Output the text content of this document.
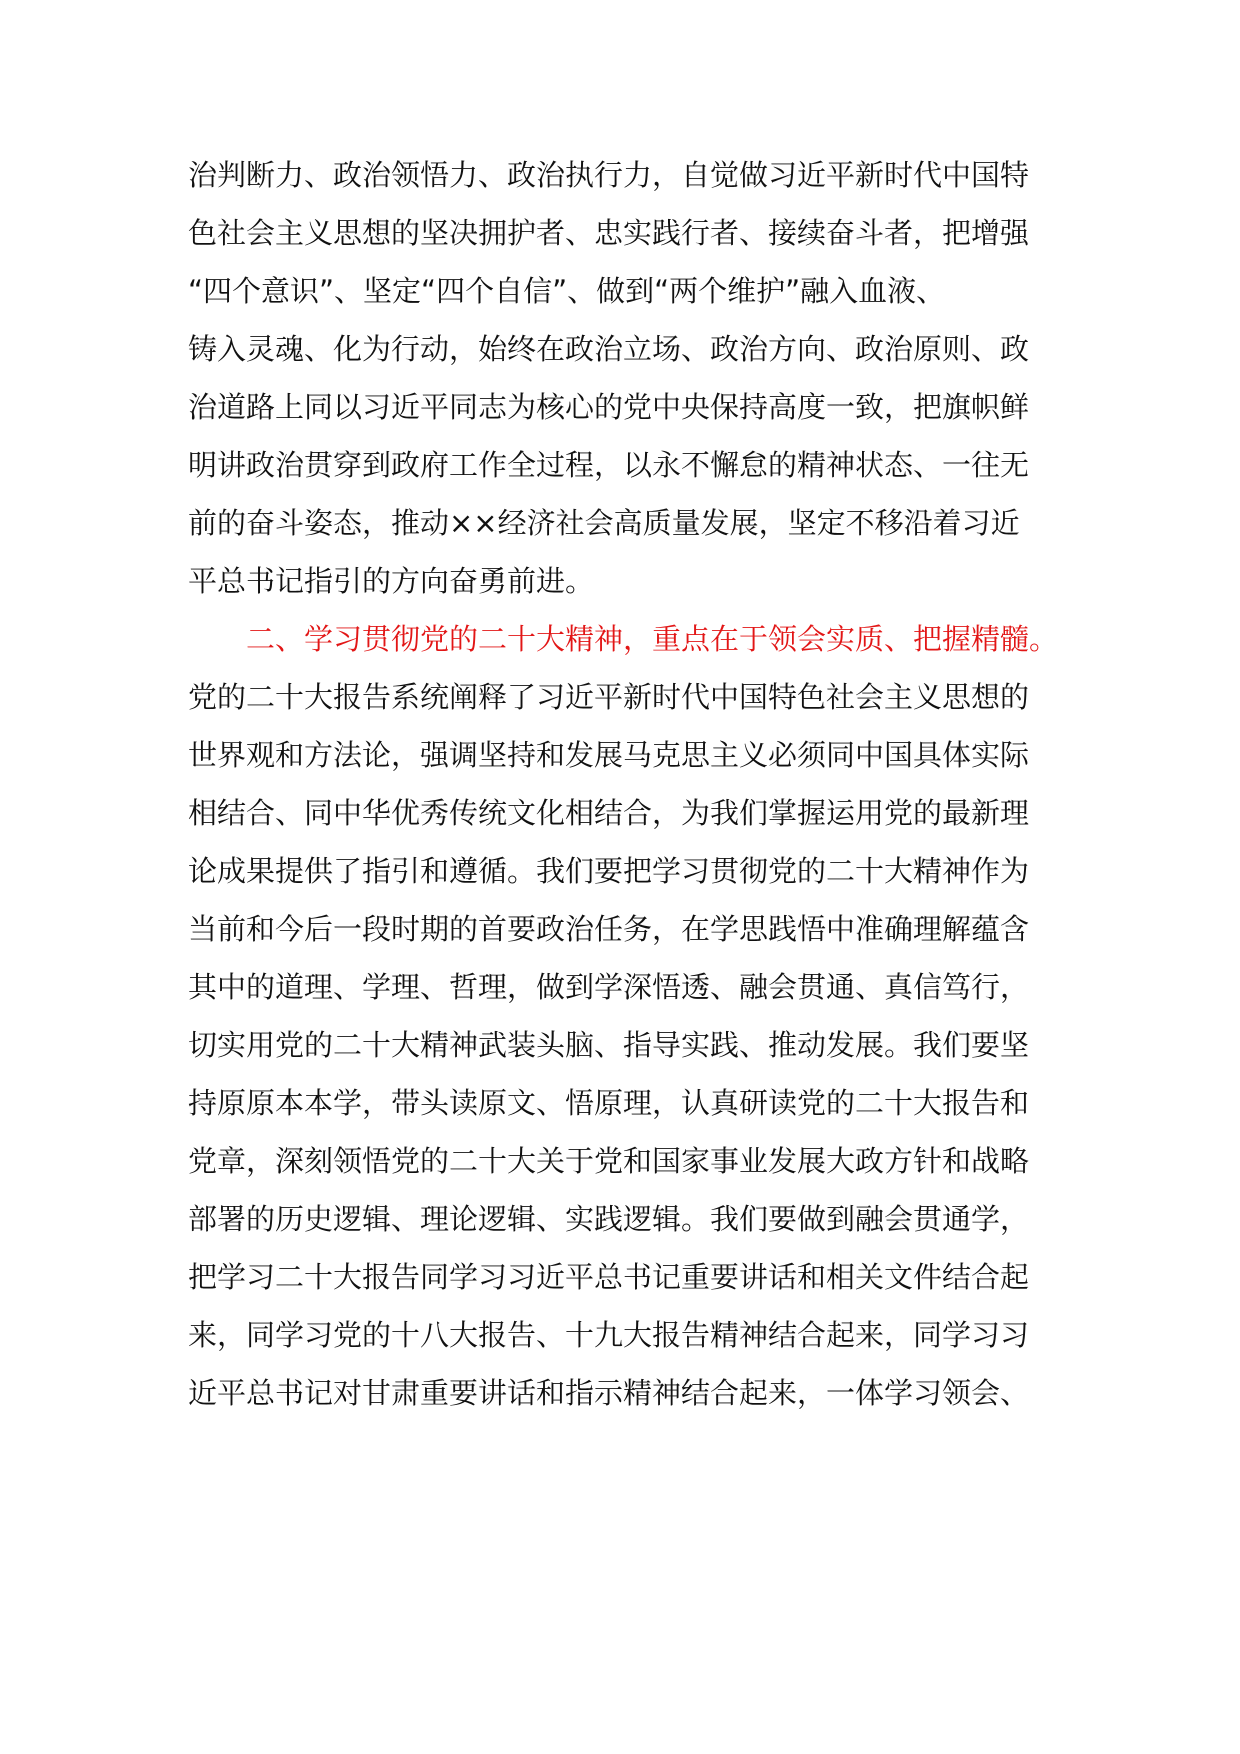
治判断力、政治领悟力、政治执行力，自觉做习近平新时代中国特
色社会主义思想的坚决拥护者、忠实践行者、接续奋斗者，把增强
“四个意识”、坚定“四个自信”、做到“两个维护”融入血液、
铸入灵魂、化为行动，始终在政治立场、政治方向、政治原则、政
治道路上同以习近平同志为核心的党中央保持高度一致，把旗帜鲜
明讲政治贯穿到政府工作全过程，以永不懈怠的精神状态、一往无
前的奋斗姿态，推动××经济社会高质量发展，坚定不移沿着习近
平总书记指引的方向奋勇前进。
二、学习贯彻党的二十大精神，重点在于领会实质、把握精髓。
党的二十大报告系统阐释了习近平新时代中国特色社会主义思想的
世界观和方法论，强调坚持和发展马克思主义必须同中国具体实际
相结合、同中华优秀传统文化相结合，为我们掌握运用党的最新理
论成果提供了指引和遵循。我们要把学习贯彻党的二十大精神作为
当前和今后一段时期的首要政治任务，在学思践悟中准确理解蕴含
其中的道理、学理、哲理，做到学深悟透、融会贯通、真信笃行，
切实用党的二十大精神武装头脑、指导实践、推动发展。我们要坚
持原原本本学，带头读原文、悟原理，认真研读党的二十大报告和
党章，深刻领悟党的二十大关于党和国家事业发展大政方针和战略
部署的历史逻辑、理论逻辑、实践逻辑。我们要做到融会贯通学，
把学习二十大报告同学习习近平总书记重要讲话和相关文件结合起
来，同学习党的十八大报告、十九大报告精神结合起来，同学习习
近平总书记对甘肃重要讲话和指示精神结合起来，一体学习领会、
